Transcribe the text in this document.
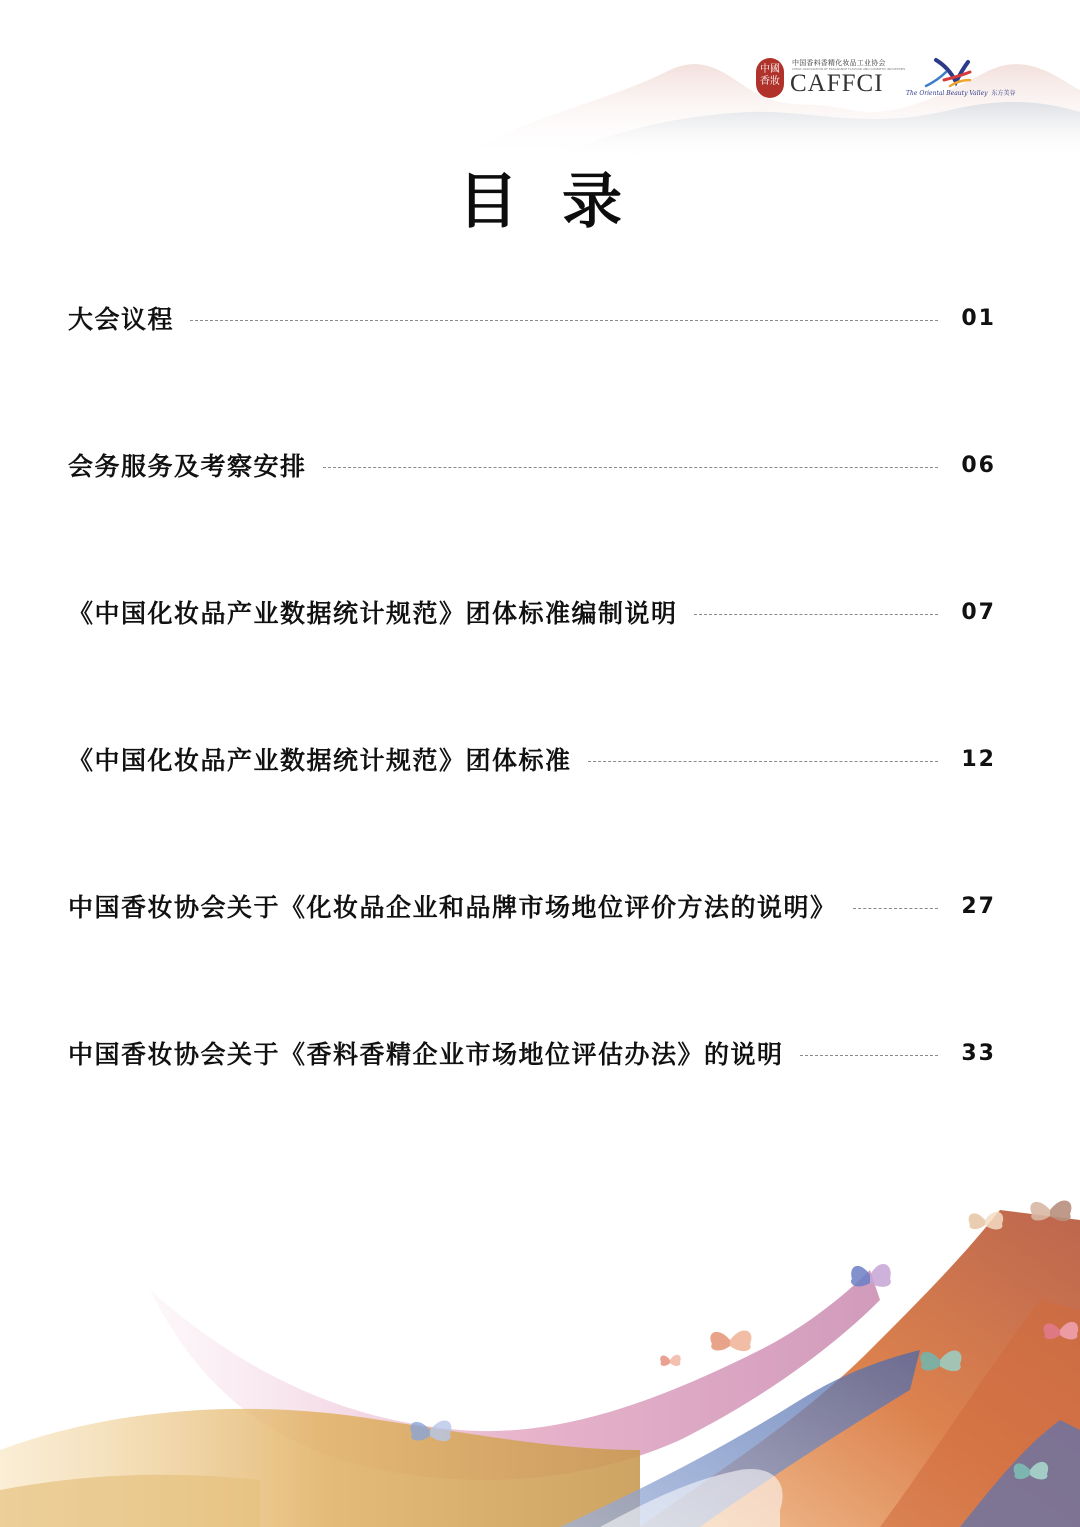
中國香妝
中国香料香精化妆品工业协会
CHINA ASSOCIATION OF FRAGRANCE FLAVOUR AND COSMETIC INDUSTRIES
CAFFCI	The Oriental Beauty Valley 东方美谷
目录
大会议程	01
会务服务及考察安排	06
《中国化妆品产业数据统计规范》团体标准编制说明	07
《中国化妆品产业数据统计规范》团体标准	12
中国香妆协会关于《化妆品企业和品牌市场地位评价方法的说明》	27
中国香妆协会关于《香料香精企业市场地位评估办法》的说明	33
